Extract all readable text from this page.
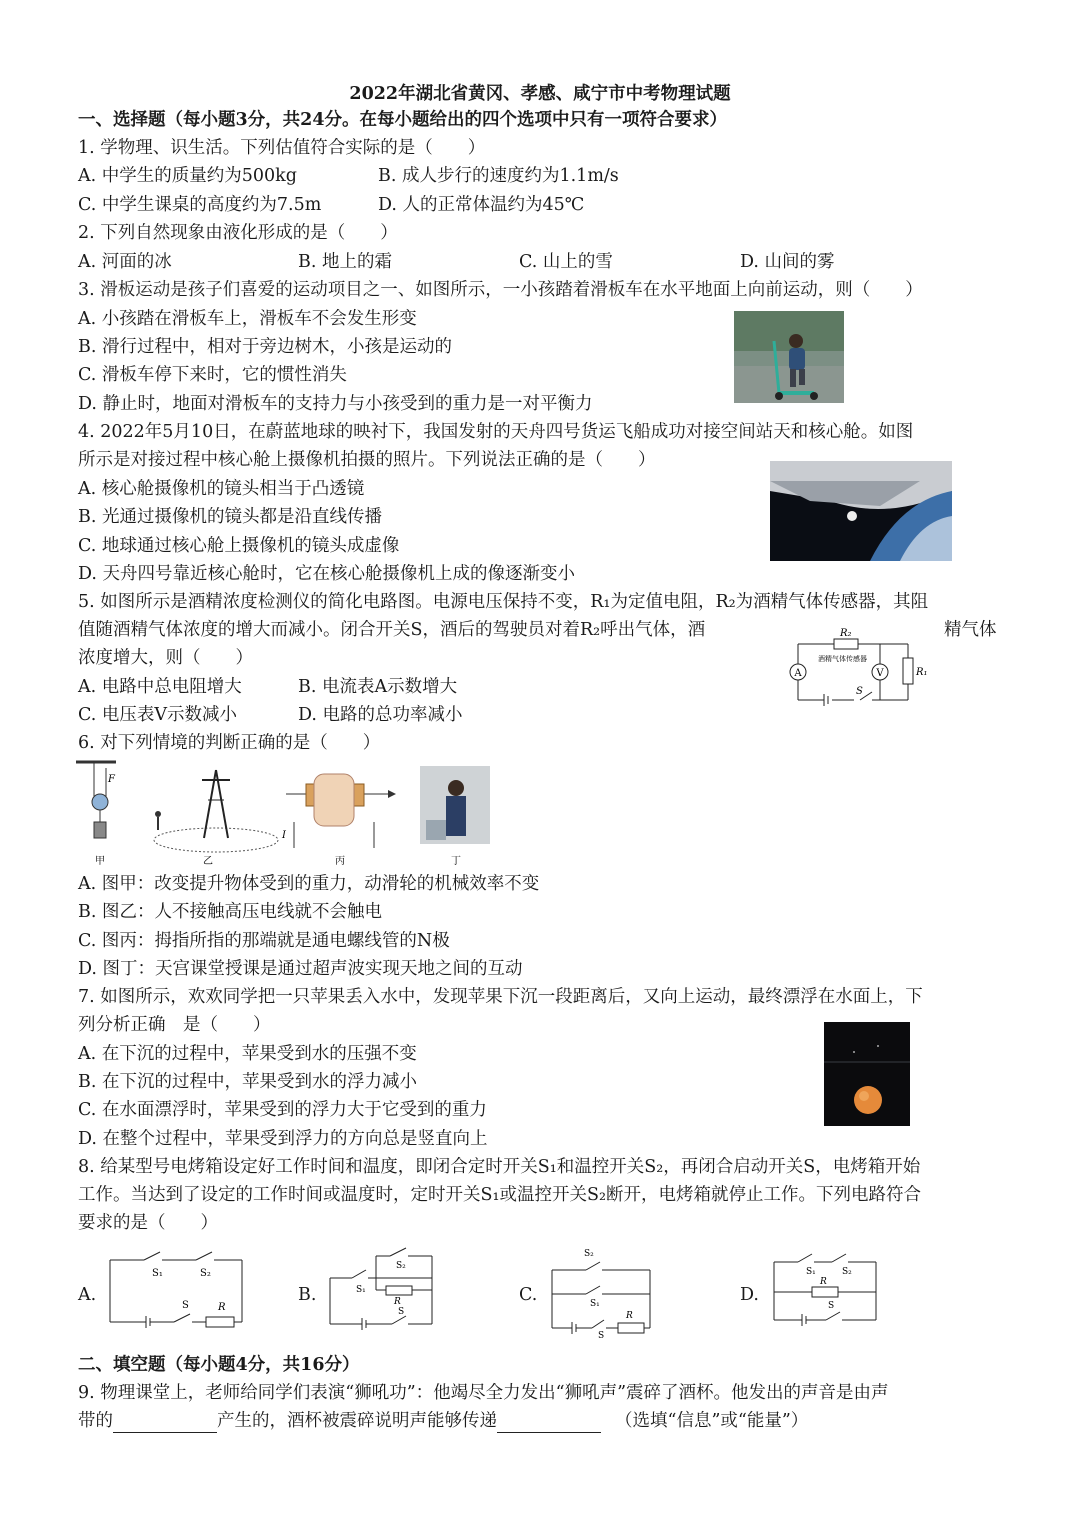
2022年湖北省黄冈、孝感、咸宁市中考物理试题
一、选择题（每小题3分，共24分。在每小题给出的四个选项中只有一项符合要求）
1. 学物理、识生活。下列估值符合实际的是（　　）
A. 中学生的质量约为500kg	B. 成人步行的速度约为1.1m/s
C. 中学生课桌的高度约为7.5m	D. 人的正常体温约为45℃
2. 下列自然现象由液化形成的是（　　）
A. 河面的冰	B. 地上的霜	C. 山上的雪	D. 山间的雾
3. 滑板运动是孩子们喜爱的运动项目之一、如图所示，一小孩踏着滑板车在水平地面上向前运动，则（　　）
A. 小孩踏在滑板车上，滑板车不会发生形变
B. 滑行过程中，相对于旁边树木，小孩是运动的
C. 滑板车停下来时，它的惯性消失
D. 静止时，地面对滑板车的支持力与小孩受到的重力是一对平衡力
4. 2022年5月10日，在蔚蓝地球的映衬下，我国发射的天舟四号货运飞船成功对接空间站天和核心舱。如图
所示是对接过程中核心舱上摄像机拍摄的照片。下列说法正确的是（　　）
A. 核心舱摄像机的镜头相当于凸透镜
B. 光通过摄像机的镜头都是沿直线传播
C. 地球通过核心舱上摄像机的镜头成虚像
D. 天舟四号靠近核心舱时，它在核心舱摄像机上成的像逐渐变小
5. 如图所示是酒精浓度检测仪的简化电路图。电源电压保持不变，R₁为定值电阻，R₂为酒精气体传感器，其阻
值随酒精气体浓度的增大而减小。闭合开关S，酒后的驾驶员对着R₂呼出气体，酒	精气体
浓度增大，则（　　）
A. 电路中总电阻增大	B. 电流表A示数增大
C. 电压表V示数减小	D. 电路的总功率减小
A	V
R₂
酒精气体传感器
R₁
S
6. 对下列情境的判断正确的是（　　）
F
I
甲	乙	丙	丁
A. 图甲：改变提升物体受到的重力，动滑轮的机械效率不变
B. 图乙：人不接触高压电线就不会触电
C. 图丙：拇指所指的那端就是通电螺线管的N极
D. 图丁：天宫课堂授课是通过超声波实现天地之间的互动
7. 如图所示，欢欢同学把一只苹果丢入水中，发现苹果下沉一段距离后，又向上运动，最终漂浮在水面上，下
列分析正确　是（　　）
A. 在下沉的过程中，苹果受到水的压强不变
B. 在下沉的过程中，苹果受到水的浮力减小
C. 在水面漂浮时，苹果受到的浮力大于它受到的重力
D. 在整个过程中，苹果受到浮力的方向总是竖直向上
8. 给某型号电烤箱设定好工作时间和温度，即闭合定时开关S₁和温控开关S₂，再闭合启动开关S，电烤箱开始
工作。当达到了设定的工作时间或温度时，定时开关S₁或温控开关S₂断开，电烤箱就停止工作。下列电路符合
要求的是（　　）
A.
S₁	S₂
S	R
B.
S₂
S₁
R
S
C.
S₂
S₁
S
R
D.
S₁	S₂
R
S
二、填空题（每小题4分，共16分）
9. 物理课堂上，老师给同学们表演“狮吼功”：他竭尽全力发出“狮吼声”震碎了酒杯。他发出的声音是由声
带的	产生的，酒杯被震碎说明声能够传递	（选填“信息”或“能量”）
